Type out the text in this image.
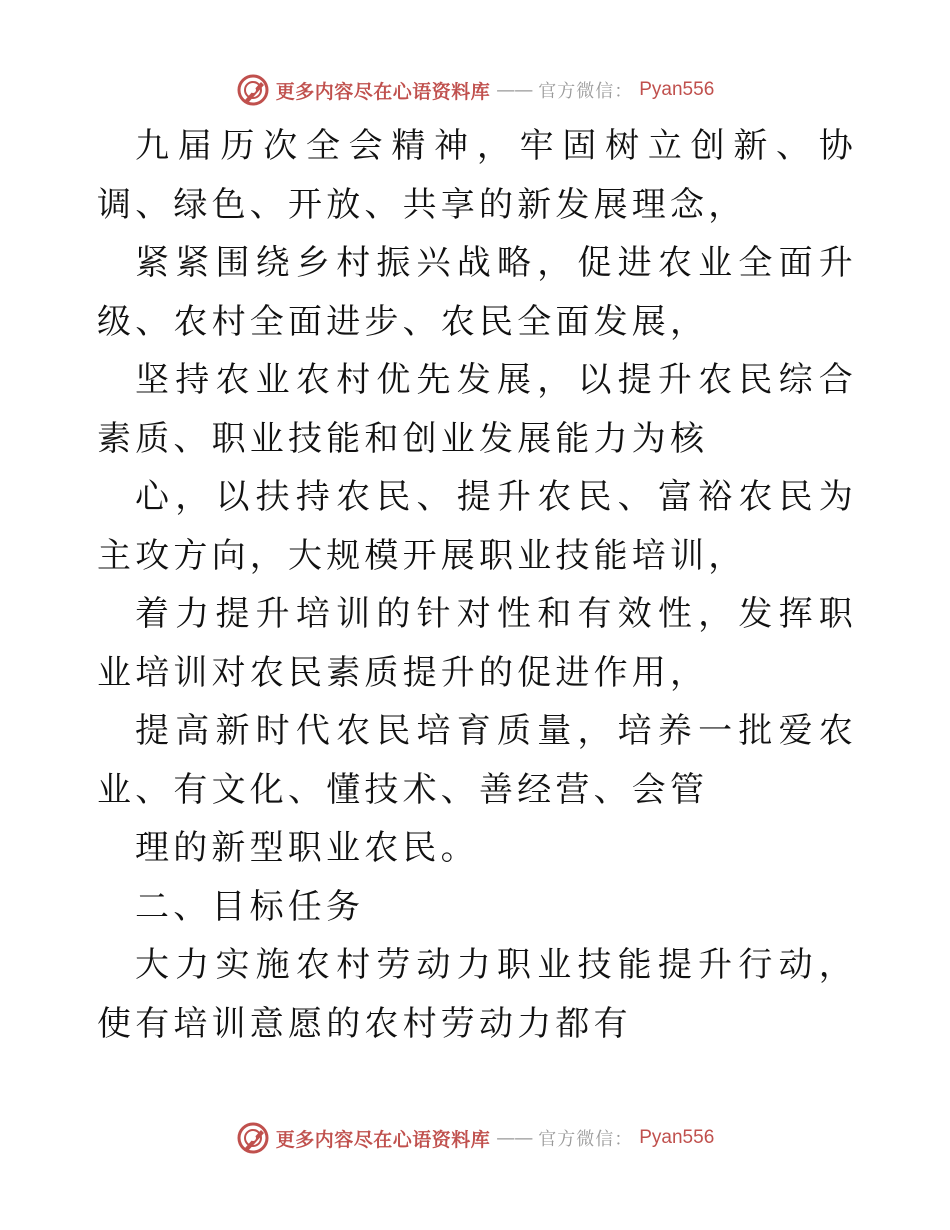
更多内容尽在心语资料库 —— 官方微信： Pyan556

九届历次全会精神，牢固树立创新、协调、绿色、开放、共享的新发展理念，

紧紧围绕乡村振兴战略，促进农业全面升级、农村全面进步、农民全面发展，

坚持农业农村优先发展，以提升农民综合素质、职业技能和创业发展能力为核

心，以扶持农民、提升农民、富裕农民为主攻方向，大规模开展职业技能培训，

着力提升培训的针对性和有效性，发挥职业培训对农民素质提升的促进作用，

提高新时代农民培育质量，培养一批爱农业、有文化、懂技术、善经营、会管

理的新型职业农民。

二、目标任务

大力实施农村劳动力职业技能提升行动，使有培训意愿的农村劳动力都有

更多内容尽在心语资料库 —— 官方微信： Pyan556
